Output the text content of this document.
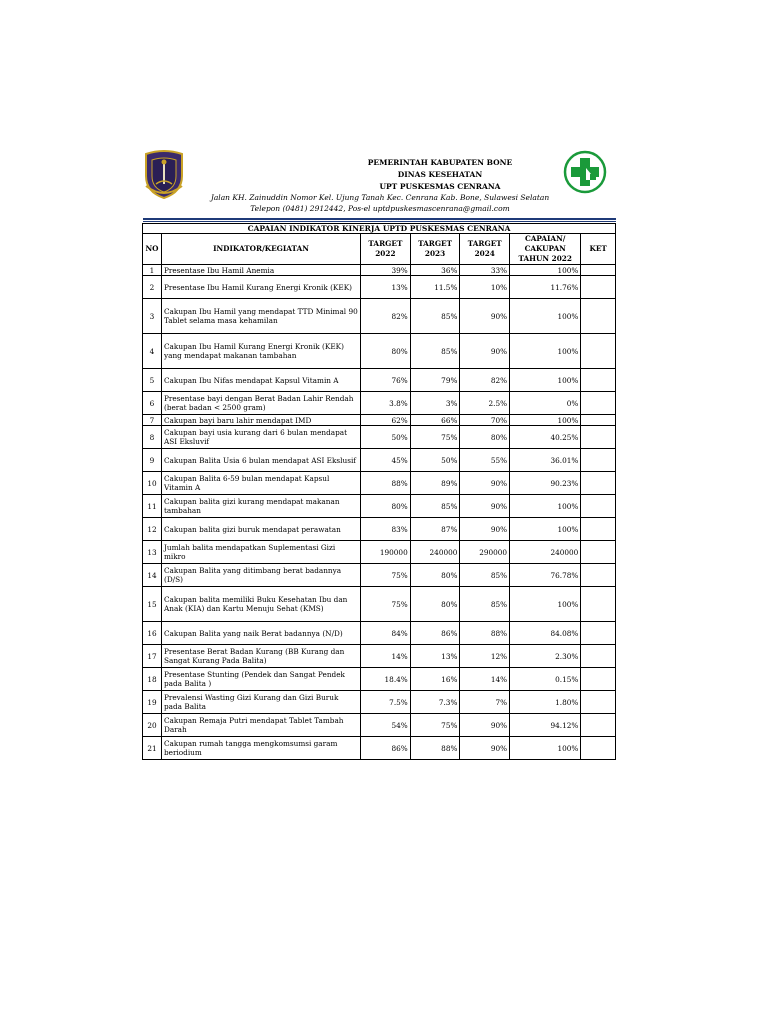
PEMERINTAH KABUPATEN BONE
DINAS KESEHATAN
UPT PUSKESMAS CENRANA
Jalan KH. Zainuddin Nomor Kel. Ujung Tanah Kec. Cenrana Kab. Bone, Sulawesi Selatan
Telepon (0481) 2912442, Pos-el uptdpuskesmascenrana@gmail.com
CAPAIAN INDIKATOR KINERJA UPTD PUSKESMAS CENRANA						
NO	INDIKATOR/KEGIATAN	TARGET 2022	TARGET 2023	TARGET 2024	CAPAIAN/ CAKUPAN TAHUN 2022	KET
1	Presentase Ibu Hamil Anemia	39%	36%	33%	100%	
2	Presentase Ibu Hamil Kurang Energi Kronik (KEK)	13%	11.5%	10%	11.76%	
3	Cakupan Ibu Hamil yang mendapat TTD Minimal 90 Tablet selama masa kehamilan	82%	85%	90%	100%	
4	Cakupan Ibu Hamil Kurang Energi Kronik (KEK) yang mendapat makanan tambahan	80%	85%	90%	100%	
5	Cakupan Ibu Nifas mendapat Kapsul Vitamin A	76%	79%	82%	100%	
6	Presentase bayi dengan Berat Badan Lahir Rendah (berat badan < 2500 gram)	3.8%	3%	2.5%	0%	
7	Cakupan bayi baru lahir mendapat IMD	62%	66%	70%	100%	
8	Cakupan bayi usia kurang dari 6 bulan mendapat ASI Eksluvif	50%	75%	80%	40.25%	
9	Cakupan Balita Usia 6 bulan mendapat ASI Ekslusif	45%	50%	55%	36.01%	
10	Cakupan Balita 6-59 bulan mendapat Kapsul Vitamin A	88%	89%	90%	90.23%	
11	Cakupan balita gizi kurang mendapat makanan tambahan	80%	85%	90%	100%	
12	Cakupan balita gizi buruk mendapat perawatan	83%	87%	90%	100%	
13	Jumlah balita mendapatkan Suplementasi Gizi mikro	190000	240000	290000	240000	
14	Cakupan Balita yang ditimbang berat badannya (D/S)	75%	80%	85%	76.78%	
15	Cakupan balita memiliki Buku Kesehatan Ibu dan Anak (KIA) dan Kartu Menuju Sehat (KMS)	75%	80%	85%	100%	
16	Cakupan Balita yang naik Berat badannya (N/D)	84%	86%	88%	84.08%	
17	Presentase Berat Badan Kurang (BB Kurang dan Sangat Kurang Pada Balita)	14%	13%	12%	2.30%	
18	Presentase Stunting (Pendek dan Sangat Pendek pada Balita )	18.4%	16%	14%	0.15%	
19	Prevalensi Wasting Gizi Kurang dan Gizi Buruk pada Balita	7.5%	7.3%	7%	1.80%	
20	Cakupan Remaja Putri mendapat Tablet Tambah Darah	54%	75%	90%	94.12%	
21	Cakupan rumah tangga mengkomsumsi garam beriodium	86%	88%	90%	100%	
